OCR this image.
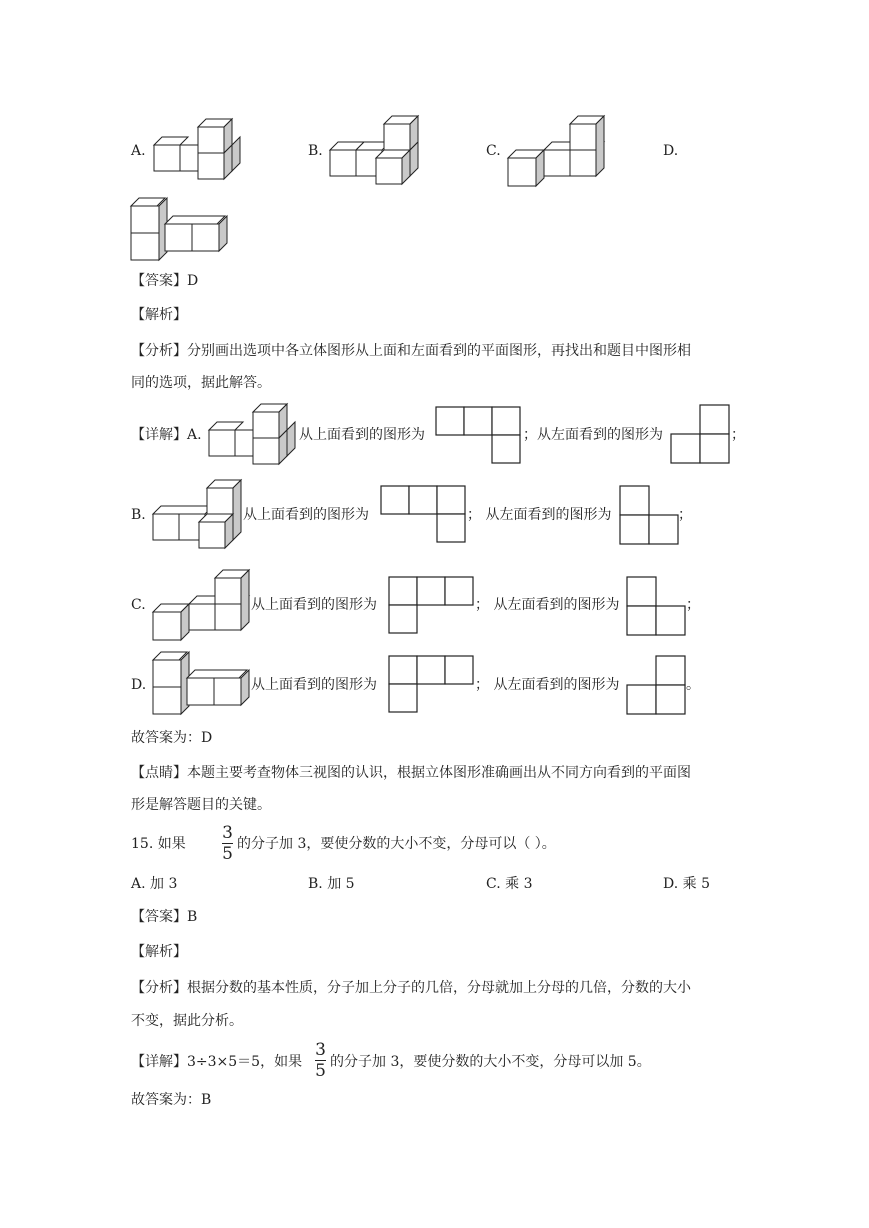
A.	B.	C.	D.
【答案】D
【解析】
【分析】分别画出选项中各立体图形从上面和左面看到的平面图形，再找出和题目中图形相
同的选项，据此解答。
【详解】A.	从上面看到的图形为	；从左面看到的图形为	；
B.	从上面看到的图形为	； 从左面看到的图形为	；
C.	从上面看到的图形为	； 从左面看到的图形为	；
D.	从上面看到的图形为	； 从左面看到的图形为	。
故答案为：D
【点睛】本题主要考查物体三视图的认识，根据立体图形准确画出从不同方向看到的平面图
形是解答题目的关键。
15. 如果
3
5 的分子加 3，要使分数的大小不变，分母可以（ ）。
A. 加 3	B. 加 5	C. 乘 3	D. 乘 5
【答案】B
【解析】
【分析】根据分数的基本性质，分子加上分子的几倍，分母就加上分母的几倍，分数的大小
不变，据此分析。
【详解】3÷3×5＝5，如果
3
5 的分子加 3，要使分数的大小不变，分母可以加 5。
故答案为：B
